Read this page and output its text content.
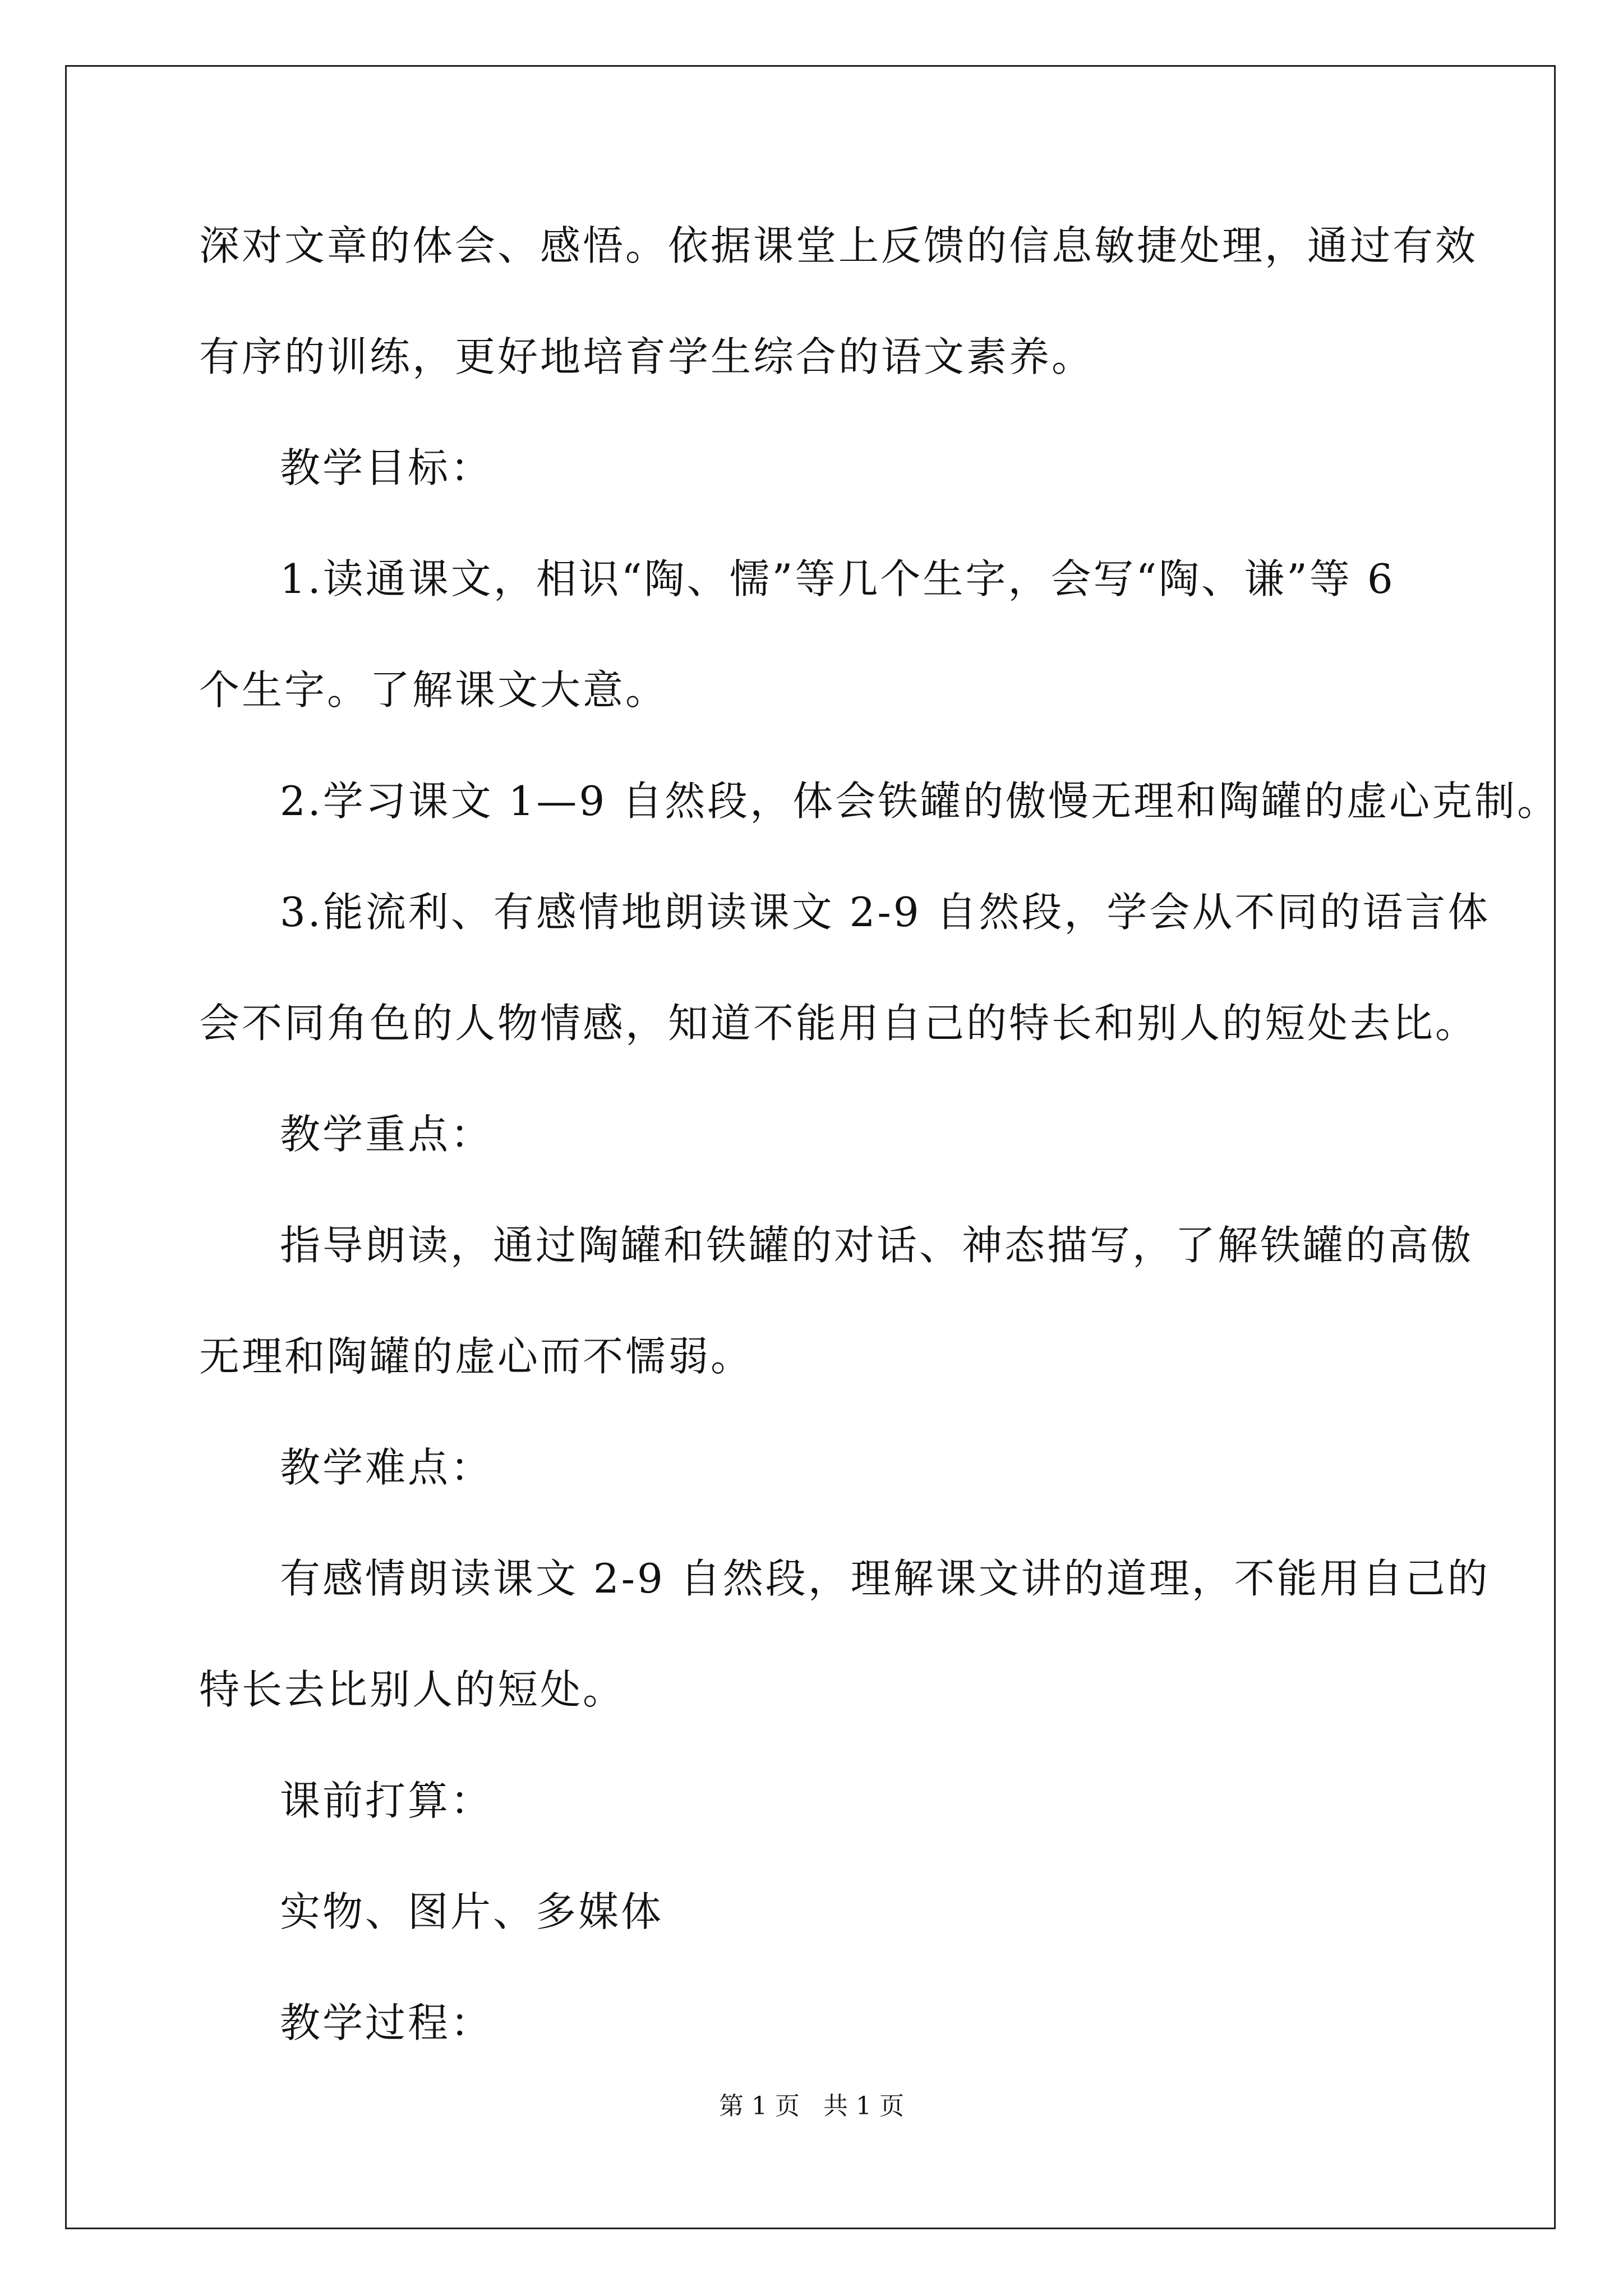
深对文章的体会、感悟。依据课堂上反馈的信息敏捷处理，通过有效
有序的训练，更好地培育学生综合的语文素养。
教学目标：
1.读通课文，相识“陶、懦”等几个生字，会写“陶、谦”等 6
个生字。了解课文大意。
2.学习课文 1—9 自然段，体会铁罐的傲慢无理和陶罐的虚心克制。
3.能流利、有感情地朗读课文 2-9 自然段，学会从不同的语言体
会不同角色的人物情感，知道不能用自己的特长和别人的短处去比。
教学重点：
指导朗读，通过陶罐和铁罐的对话、神态描写，了解铁罐的高傲
无理和陶罐的虚心而不懦弱。
教学难点：
有感情朗读课文 2-9 自然段，理解课文讲的道理，不能用自己的
特长去比别人的短处。
课前打算：
实物、图片、多媒体
教学过程：
第 1 页   共 1 页
